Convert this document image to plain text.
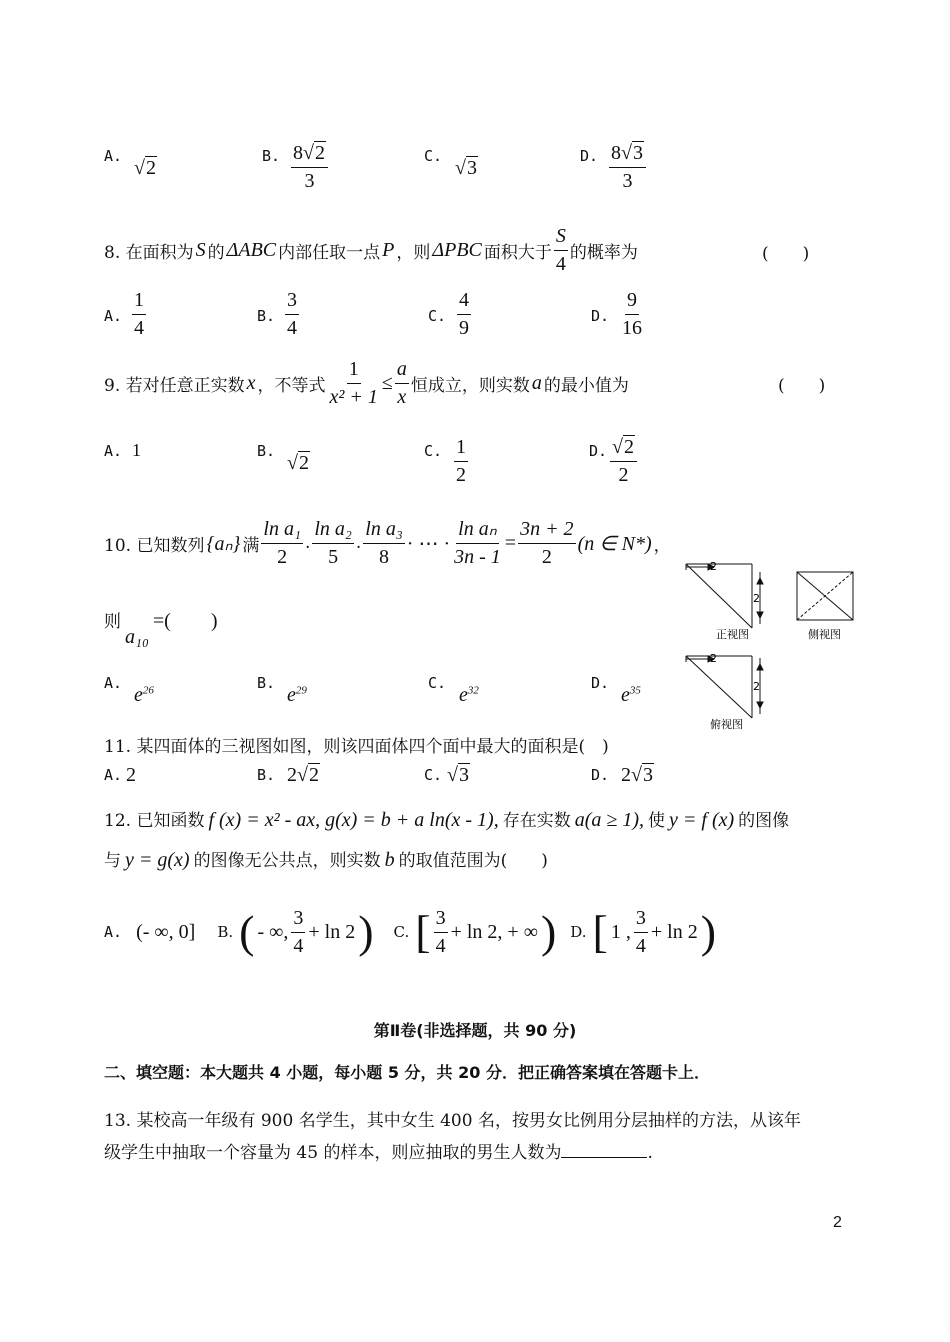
A.
√2
B. $\frac{8√2}{3}$	C.
√3
D. $\frac{8√3}{3}$
8. 在面积为 S 的 ΔABC 内部任取一点 P ，则 ΔPBC 面积大于 $\frac{S}{4}$ 的概率为	(　　)
A. $\frac{1}{4}$	B. $\frac{3}{4}$	C. $\frac{4}{9}$	D. $\frac{9}{16}$
9. 若对任意正实数 x ，不等式 $\frac{1}{\text{x² + 1}} \le \frac{a}{x}$ 恒成立，则实数 a 的最小值为	(　　)
A. 1	B.
√2
C. $\frac{1}{2}$	D. $\frac{√2}{2}$
10. 已知数列 {aₙ} 满 $\frac{\text{ln a₁}}{2}$ . $\frac{\text{ln a₂}}{5}$ . $\frac{\text{ln a₃}}{8}$ · ⋯ · $\frac{\text{ln aₙ}}{3n - 1} = \frac{3n + 2}{2} (n$ ∈ N*) ，
则
a₁₀
=(　　)
A.
$e^{26}$	B.
$e^{29}$	C.
$e^{32}$	D.
$e^{35}$
2
2
正视图	侧视图
2
2
俯视图
11. 某四面体的三视图如图，则该四面体四个面中最大的面积是(　)
A. 2	B. 2√2	C. √3	D. 2√3
12. 已知函数 f (x) = x² - ax, g(x) = b + a ln(x - 1), 存在实数 a(a ≥ 1), 使 y = f (x) 的图像
与 y = g(x) 的图像无公共点，则实数 b 的取值范围为(　　)
A. (- ∞, 0] B. ( - ∞, $\frac{3}{4} + \ln 2$ ) C. [ $\frac{3}{4} + \ln 2$, + ∞ ) D. [ 1 , $\frac{3}{4} + \ln 2$ )
第Ⅱ卷(非选择题，共 90 分)
二、填空题：本大题共 4 小题，每小题 5 分，共 20 分．把正确答案填在答题卡上．
13. 某校高一年级有 900 名学生，其中女生 400 名，按男女比例用分层抽样的方法，从该年
级学生中抽取一个容量为 45 的样本，则应抽取的男生人数为	.
2
